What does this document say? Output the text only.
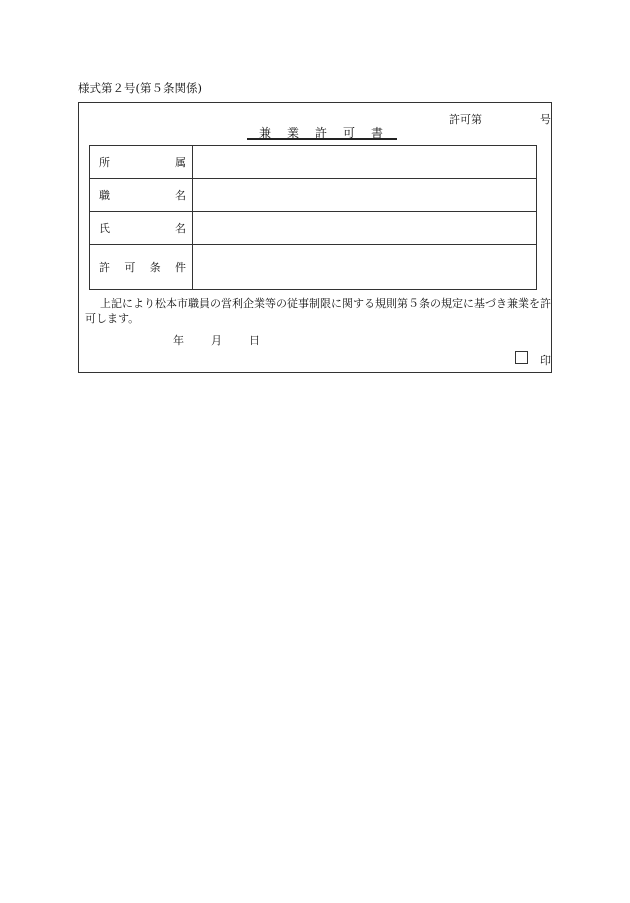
様式第２号(第５条関係)
許可第	号
兼業許可書
所属	
職名	
氏名	
許可条件	
上記により松本市職員の営利企業等の従事制限に関する規則第５条の規定に基づき兼業を許可します。
年 月 日
印
